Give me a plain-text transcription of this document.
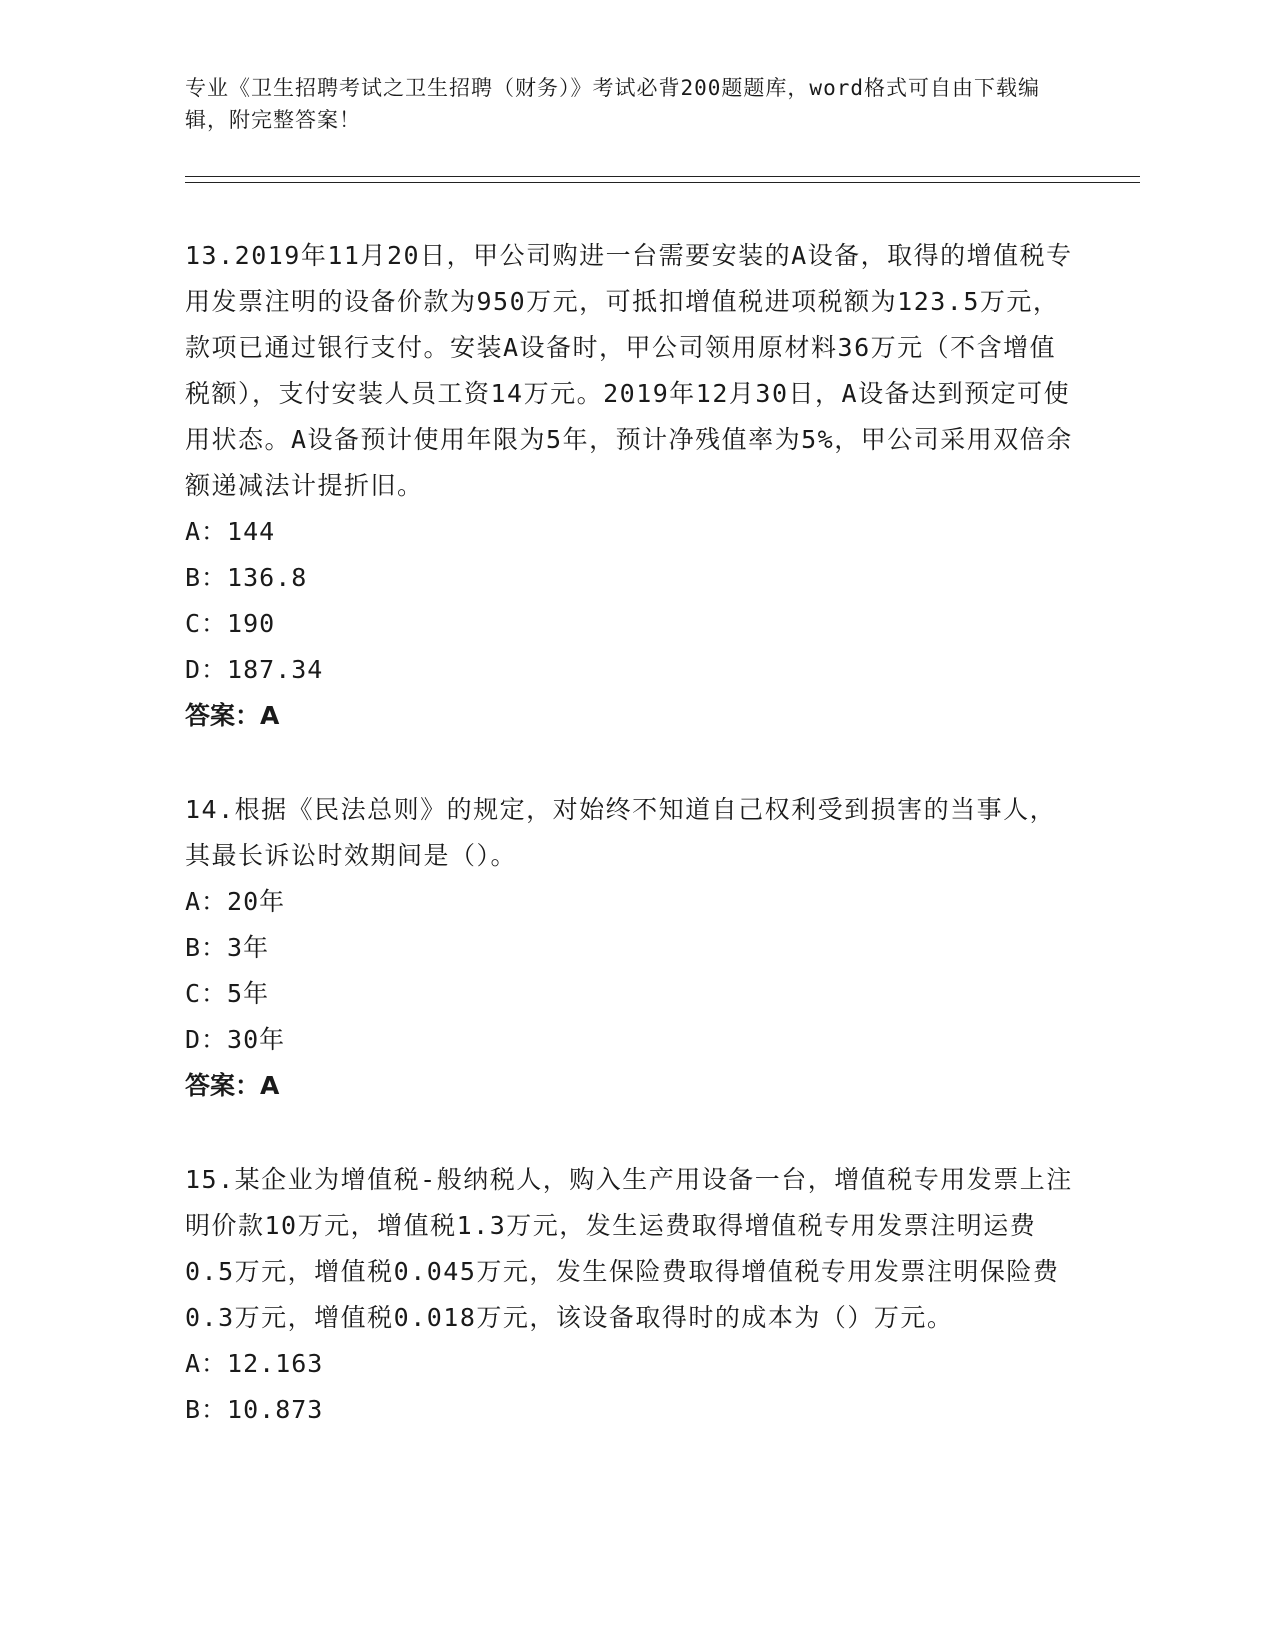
专业《卫生招聘考试之卫生招聘（财务）》考试必背200题题库，word格式可自由下载编辑，附完整答案！

13.2019年11月20日，甲公司购进一台需要安装的A设备，取得的增值税专用发票注明的设备价款为950万元，可抵扣增值税进项税额为123.5万元，款项已通过银行支付。安装A设备时，甲公司领用原材料36万元（不含增值税额），支付安装人员工资14万元。2019年12月30日，A设备达到预定可使用状态。A设备预计使用年限为5年，预计净残值率为5%，甲公司采用双倍余额递减法计提折旧。

A：144

B：136.8

C：190

D：187.34

答案：A

14.根据《民法总则》的规定，对始终不知道自己权利受到损害的当事人，其最长诉讼时效期间是（）。

A：20年

B：3年

C：5年

D：30年

答案：A

15.某企业为增值税-般纳税人，购入生产用设备一台，增值税专用发票上注明价款10万元，增值税1.3万元，发生运费取得增值税专用发票注明运费0.5万元，增值税0.045万元，发生保险费取得增值税专用发票注明保险费0.3万元，增值税0.018万元，该设备取得时的成本为（）万元。

A：12.163

B：10.873
